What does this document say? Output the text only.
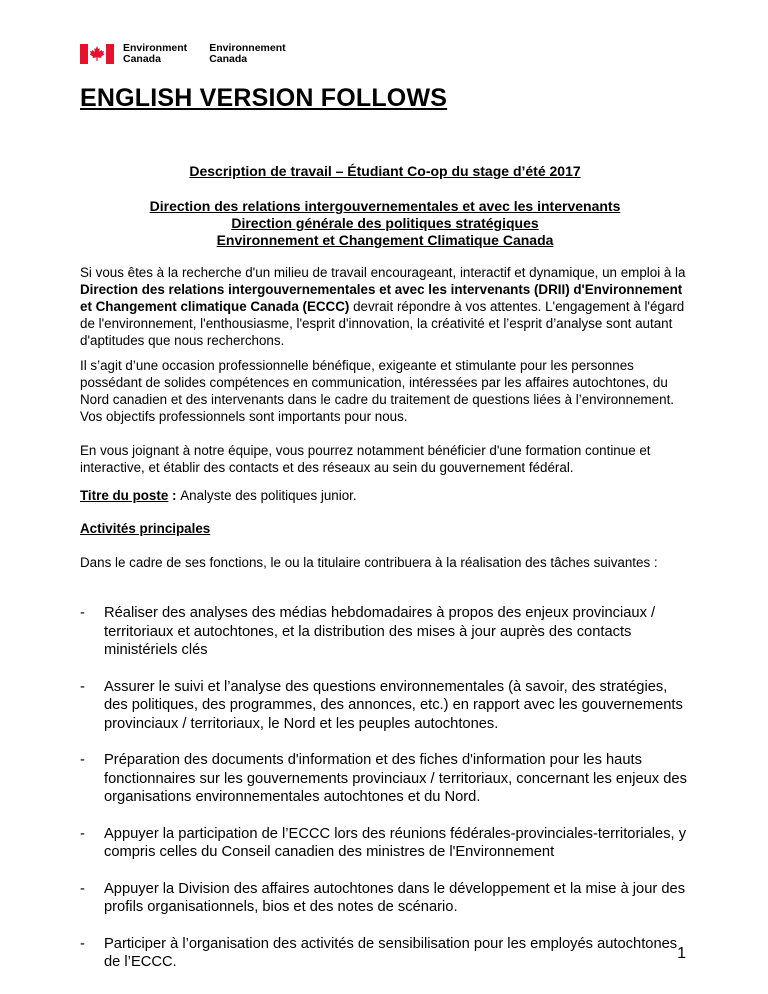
Environment
Canada
Environnement
Canada
ENGLISH VERSION FOLLOWS
Description de travail – Étudiant Co-op du stage d’été 2017
Direction des relations intergouvernementales et avec les intervenants
Direction générale des politiques stratégiques
Environnement et Changement Climatique Canada
Si vous êtes à la recherche d'un milieu de travail encourageant, interactif et dynamique, un emploi à la Direction des relations intergouvernementales et avec les intervenants (DRII) d'Environnement et Changement climatique Canada (ECCC) devrait répondre à vos attentes. L'engagement à l'égard de l'environnement, l'enthousiasme, l'esprit d'innovation, la créativité et l’esprit d’analyse sont autant d'aptitudes que nous recherchons.
Il s’agit d’une occasion professionnelle bénéfique, exigeante et stimulante pour les personnes possédant de solides compétences en communication, intéressées par les affaires autochtones, du Nord canadien et des intervenants dans le cadre du traitement de questions liées à l’environnement. Vos objectifs professionnels sont importants pour nous.
En vous joignant à notre équipe, vous pourrez notamment bénéficier d'une formation continue et interactive, et établir des contacts et des réseaux au sein du gouvernement fédéral.
Titre du poste : Analyste des politiques junior.
Activités principales
Dans le cadre de ses fonctions, le ou la titulaire contribuera à la réalisation des tâches suivantes :
- Réaliser des analyses des médias hebdomadaires à propos des enjeux provinciaux / territoriaux et autochtones, et la distribution des mises à jour auprès des contacts ministériels clés
- Assurer le suivi et l’analyse des questions environnementales (à savoir, des stratégies, des politiques, des programmes, des annonces, etc.) en rapport avec les gouvernements provinciaux / territoriaux, le Nord et les peuples autochtones.
- Préparation des documents d'information et des fiches d'information pour les hauts fonctionnaires sur les gouvernements provinciaux / territoriaux, concernant les enjeux des organisations environnementales autochtones et du Nord.
- Appuyer la participation de l’ECCC lors des réunions fédérales-provinciales-territoriales, y compris celles du Conseil canadien des ministres de l'Environnement
- Appuyer la Division des affaires autochtones dans le développement et la mise à jour des profils organisationnels, bios et des notes de scénario.
- Participer à l’organisation des activités de sensibilisation pour les employés autochtones de l’ECCC.	1
